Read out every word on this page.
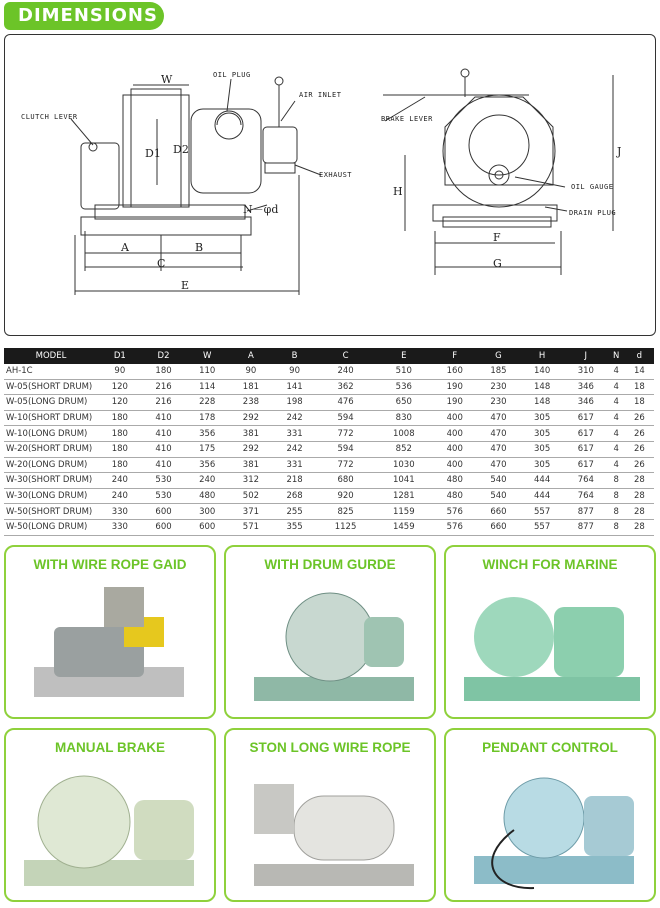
DIMENSIONS
OIL PLUG
AIR INLET
CLUTCH LEVER
EXHAUST
BRAKE LEVER
OIL GAUGE
DRAIN PLUG
W
D1 D2
N－φd
A	B
C
E
H
J
F
G
MODEL	D1	D2	W	A	B	C	E	F	G	H	J	N	d
AH-1C	90	180	110	90	90	240	510	160	185	140	310	4	14
W-05(SHORT DRUM)	120	216	114	181	141	362	536	190	230	148	346	4	18
W-05(LONG DRUM)	120	216	228	238	198	476	650	190	230	148	346	4	18
W-10(SHORT DRUM)	180	410	178	292	242	594	830	400	470	305	617	4	26
W-10(LONG DRUM)	180	410	356	381	331	772	1008	400	470	305	617	4	26
W-20(SHORT DRUM)	180	410	175	292	242	594	852	400	470	305	617	4	26
W-20(LONG DRUM)	180	410	356	381	331	772	1030	400	470	305	617	4	26
W-30(SHORT DRUM)	240	530	240	312	218	680	1041	480	540	444	764	8	28
W-30(LONG DRUM)	240	530	480	502	268	920	1281	480	540	444	764	8	28
W-50(SHORT DRUM)	330	600	300	371	255	825	1159	576	660	557	877	8	28
W-50(LONG DRUM)	330	600	600	571	355	1125	1459	576	660	557	877	8	28
WITH WIRE ROPE GAID	WITH DRUM GURDE	WINCH FOR MARINE
MANUAL BRAKE	STON LONG WIRE ROPE	PENDANT CONTROL
